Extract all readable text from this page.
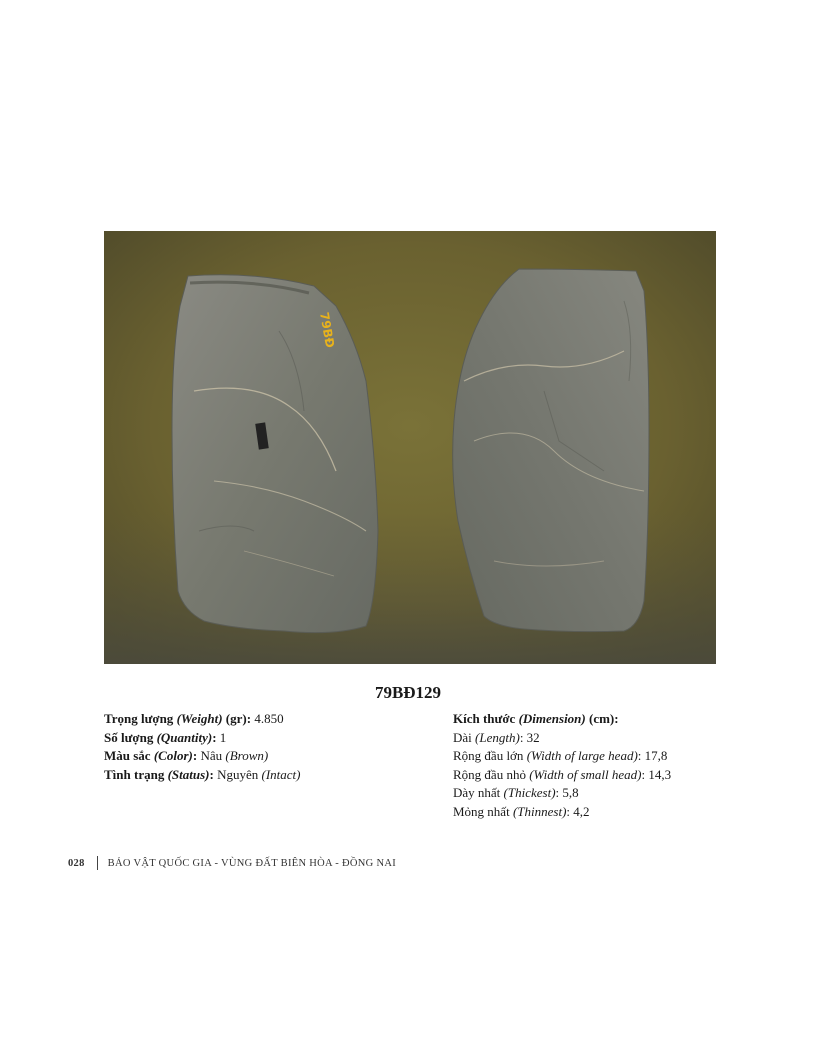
79BĐ
79BĐ129
Trọng lượng (Weight) (gr): 4.850
Số lượng (Quantity): 1
Màu sắc (Color): Nâu (Brown)
Tình trạng (Status): Nguyên (Intact)
Kích thước (Dimension) (cm):
Dài (Length): 32
Rộng đầu lớn (Width of large head): 17,8
Rộng đầu nhỏ (Width of small head): 14,3
Dày nhất (Thickest): 5,8
Mỏng nhất (Thinnest): 4,2
028 BẢO VẬT QUỐC GIA - VÙNG ĐẤT BIÊN HÒA - ĐỒNG NAI
